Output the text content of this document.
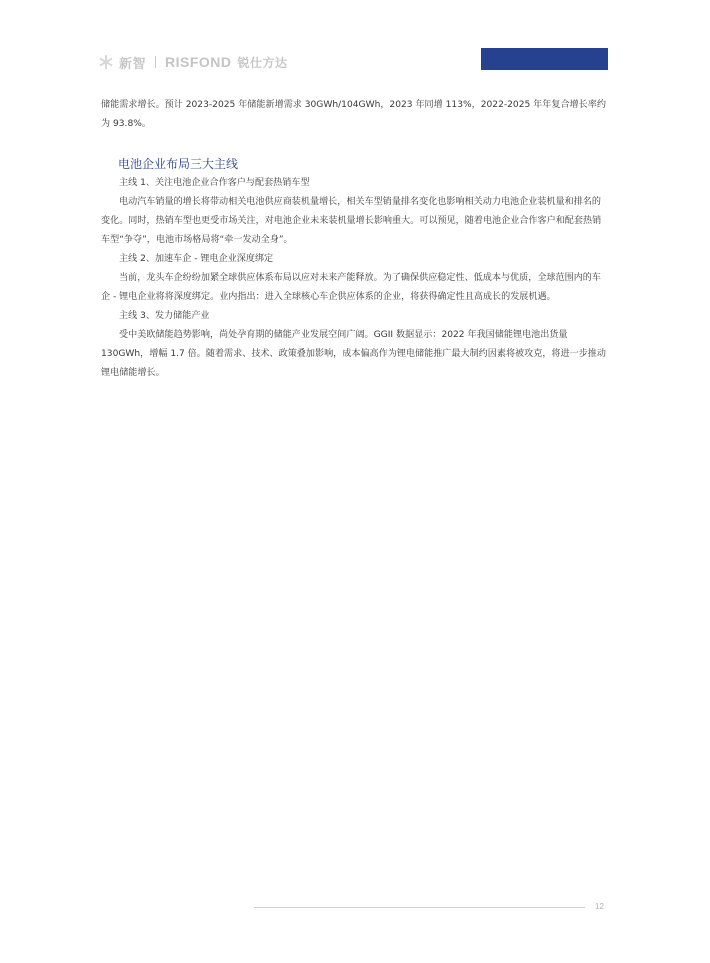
新智 RISFOND 锐仕方达

储能需求增长。预计 2023-2025 年储能新增需求 30GWh/104GWh，2023 年同增 113%，2022-2025 年年复合增长率约为 93.8%。

电池企业布局三大主线

主线 1、关注电池企业合作客户与配套热销车型

电动汽车销量的增长将带动相关电池供应商装机量增长，相关车型销量排名变化也影响相关动力电池企业装机量和排名的变化。同时，热销车型也更受市场关注，对电池企业未来装机量增长影响重大。可以预见，随着电池企业合作客户和配套热销车型“争夺”，电池市场格局将“牵一发动全身”。

主线 2、加速车企 - 锂电企业深度绑定

当前，龙头车企纷纷加紧全球供应体系布局以应对未来产能释放。为了确保供应稳定性、低成本与优质，全球范围内的车企 - 锂电企业将将深度绑定。业内指出：进入全球核心车企供应体系的企业，将获得确定性且高成长的发展机遇。

主线 3、发力储能产业

受中美欧储能趋势影响，尚处孕育期的储能产业发展空间广阔。GGII 数据显示：2022 年我国储能锂电池出货量 130GWh，增幅 1.7 倍。随着需求、技术、政策叠加影响，成本偏高作为锂电储能推广最大制约因素将被攻克，将进一步推动锂电储能增长。

12
